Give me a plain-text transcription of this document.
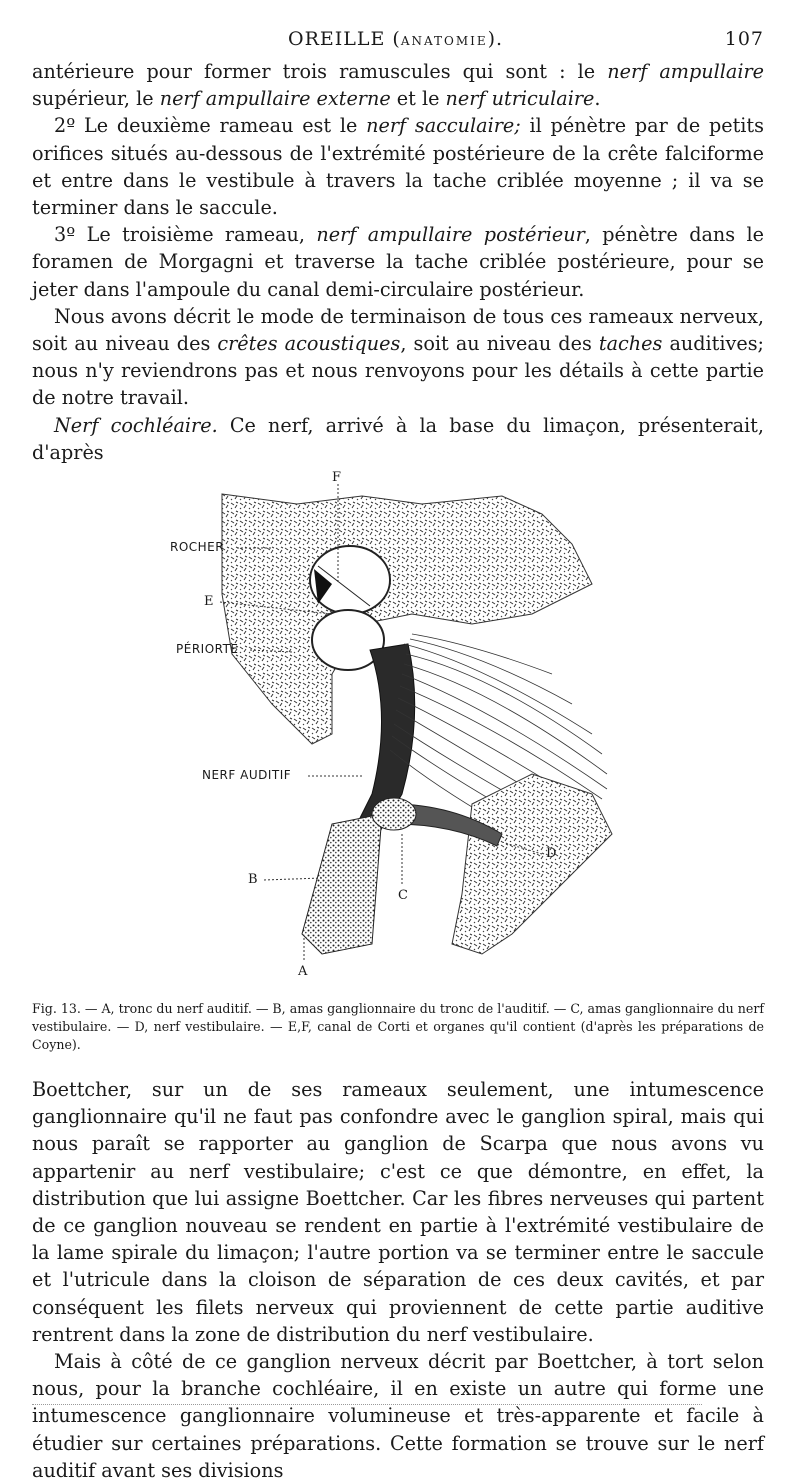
OREILLE (ANATOMIE).	107

antérieure pour former trois ramuscules qui sont : le nerf ampullaire supérieur, le nerf ampullaire externe et le nerf utriculaire.

2º Le deuxième rameau est le nerf sacculaire; il pénètre par de petits orifices situés au-dessous de l'extrémité postérieure de la crête falciforme et entre dans le vestibule à travers la tache criblée moyenne ; il va se terminer dans le saccule.

3º Le troisième rameau, nerf ampullaire postérieur, pénètre dans le foramen de Morgagni et traverse la tache criblée postérieure, pour se jeter dans l'ampoule du canal demi-circulaire postérieur.

Nous avons décrit le mode de terminaison de tous ces rameaux nerveux, soit au niveau des crêtes acoustiques, soit au niveau des taches auditives; nous n'y reviendrons pas et nous renvoyons pour les détails à cette partie de notre travail.

Nerf cochléaire. Ce nerf, arrivé à la base du limaçon, présenterait, d'après

F
ROCHER
E
PÉRIORTE
NERF AUDITIF
B
C
D
A
Fig. 13. — A, tronc du nerf auditif. — B, amas ganglionnaire du tronc de l'auditif. — C, amas ganglionnaire du nerf vestibulaire. — D, nerf vestibulaire. — E,F, canal de Corti et organes qu'il contient (d'après les préparations de Coyne).

Boettcher, sur un de ses rameaux seulement, une intumescence ganglionnaire qu'il ne faut pas confondre avec le ganglion spiral, mais qui nous paraît se rapporter au ganglion de Scarpa que nous avons vu appartenir au nerf vestibulaire; c'est ce que démontre, en effet, la distribution que lui assigne Boettcher. Car les fibres nerveuses qui partent de ce ganglion nouveau se rendent en partie à l'extrémité vestibulaire de la lame spirale du limaçon; l'autre portion va se terminer entre le saccule et l'utricule dans la cloison de séparation de ces deux cavités, et par conséquent les filets nerveux qui proviennent de cette partie auditive rentrent dans la zone de distribution du nerf vestibulaire.

Mais à côté de ce ganglion nerveux décrit par Boettcher, à tort selon nous, pour la branche cochléaire, il en existe un autre qui forme une intumescence ganglionnaire volumineuse et très-apparente et facile à étudier sur certaines préparations. Cette formation se trouve sur le nerf auditif avant ses divisions
